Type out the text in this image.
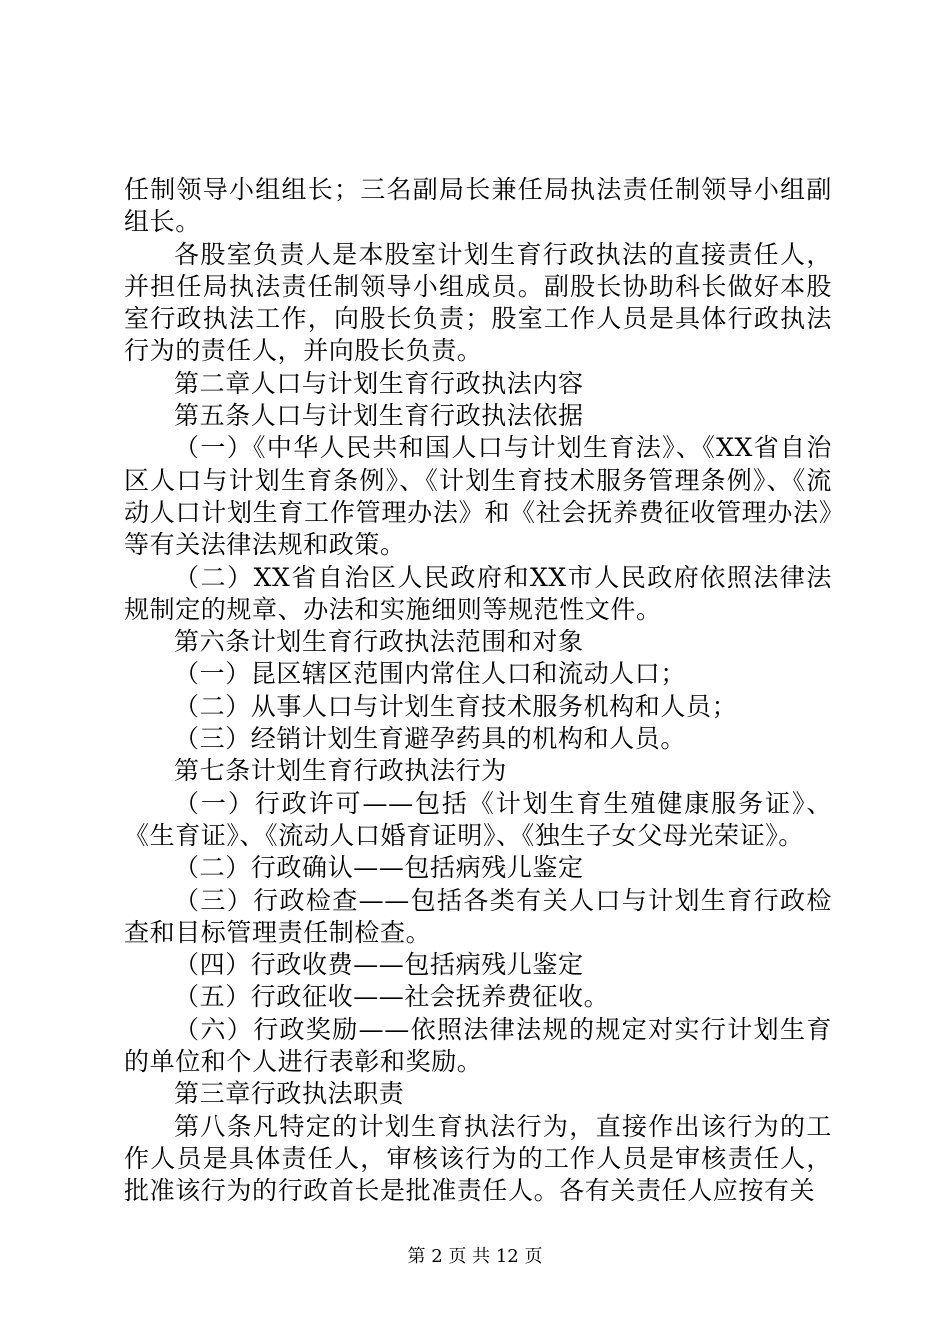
任制领导小组组长；三名副局长兼任局执法责任制领导小组副组长。

各股室负责人是本股室计划生育行政执法的直接责任人，并担任局执法责任制领导小组成员。副股长协助科长做好本股室行政执法工作，向股长负责；股室工作人员是具体行政执法行为的责任人，并向股长负责。

第二章人口与计划生育行政执法内容

第五条人口与计划生育行政执法依据

（一）《中华人民共和国人口与计划生育法》、《XX省自治区人口与计划生育条例》、《计划生育技术服务管理条例》、《流动人口计划生育工作管理办法》和《社会抚养费征收管理办法》等有关法律法规和政策。

（二）XX省自治区人民政府和XX市人民政府依照法律法规制定的规章、办法和实施细则等规范性文件。

第六条计划生育行政执法范围和对象

（一）昆区辖区范围内常住人口和流动人口；

（二）从事人口与计划生育技术服务机构和人员；

（三）经销计划生育避孕药具的机构和人员。

第七条计划生育行政执法行为

（一）行政许可——包括《计划生育生殖健康服务证》、《生育证》、《流动人口婚育证明》、《独生子女父母光荣证》。

（二）行政确认——包括病残儿鉴定

（三）行政检查——包括各类有关人口与计划生育行政检查和目标管理责任制检查。

（四）行政收费——包括病残儿鉴定

（五）行政征收——社会抚养费征收。

（六）行政奖励——依照法律法规的规定对实行计划生育的单位和个人进行表彰和奖励。

第三章行政执法职责

第八条凡特定的计划生育执法行为，直接作出该行为的工作人员是具体责任人，审核该行为的工作人员是审核责任人，批准该行为的行政首长是批准责任人。各有关责任人应按有关

第 2 页 共 12 页
